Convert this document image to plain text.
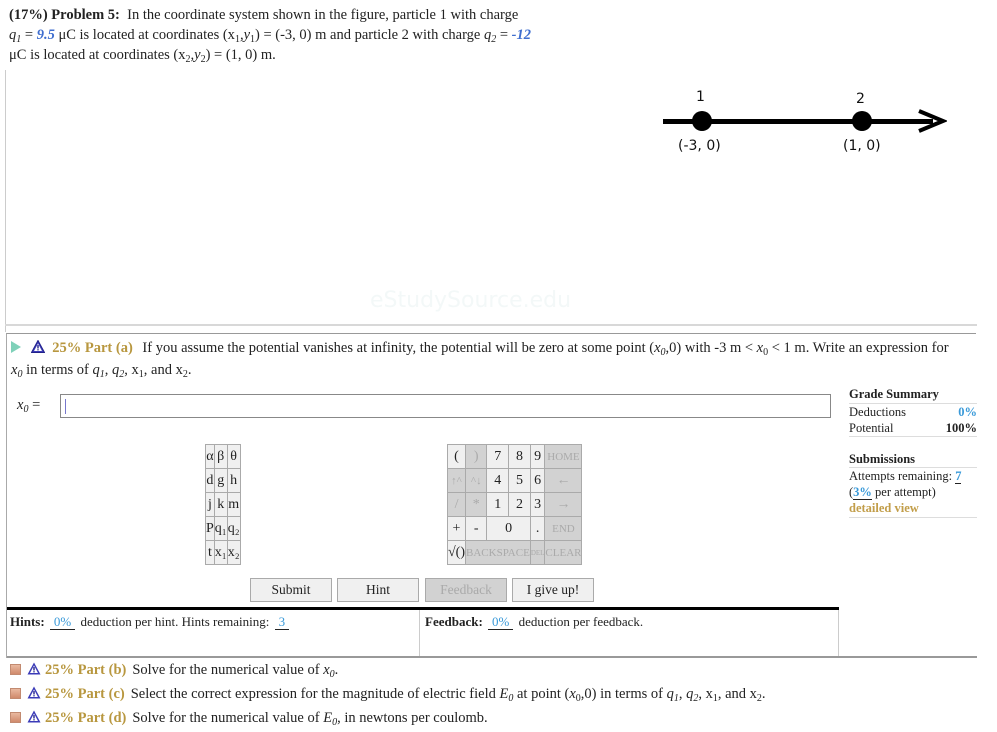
(17%) Problem 5: In the coordinate system shown in the figure, particle 1 with charge
$q_1 = 9.5$ μC is located at coordinates $(x_1,y_1) = (-3$, 0) m and particle 2 with charge $q_2 = -12$
μC is located at coordinates $(x_2,y_2) = (1$, 0) m.
1	2
(-3, 0)	(1, 0)
eStudySource.edu
25% Part (a) If you assume the potential vanishes at infinity, the potential will be zero at some point $(x_0,0)$ with -3 $m < x_0 < 1$ m. Write an expression for $x_0$ in terms of $q_1$, $q_2$, $x_1$, and $x_2$.
$x_0$ =
α	β	θ
d	g	h
j	k	m
P	q₁	q₂
t	x₁	x₂
(	)	7	8	9	HOME
↑^	^↓	4	5	6	←
/	*	1	2	3	→
+	-	0		.	END
√()	BACKSPACE			DEL	CLEAR
Submit	Hint	Feedback	I give up!
Hints: 0% deduction per hint. Hints remaining: 3	Feedback: 0% deduction per feedback.
Grade Summary
Deductions	0%
Potential	100%
Submissions
Attempts remaining: 7
(3% per attempt)
detailed view
25% Part (b) Solve for the numerical value of $x_0$.
25% Part (c) Select the correct expression for the magnitude of electric field $E_0$ at point $(x_0,0)$ in terms of $q_1$, $q_2$, $x_1$, and $x_2$.
25% Part (d) Solve for the numerical value of $E_0$, in newtons per coulomb.
